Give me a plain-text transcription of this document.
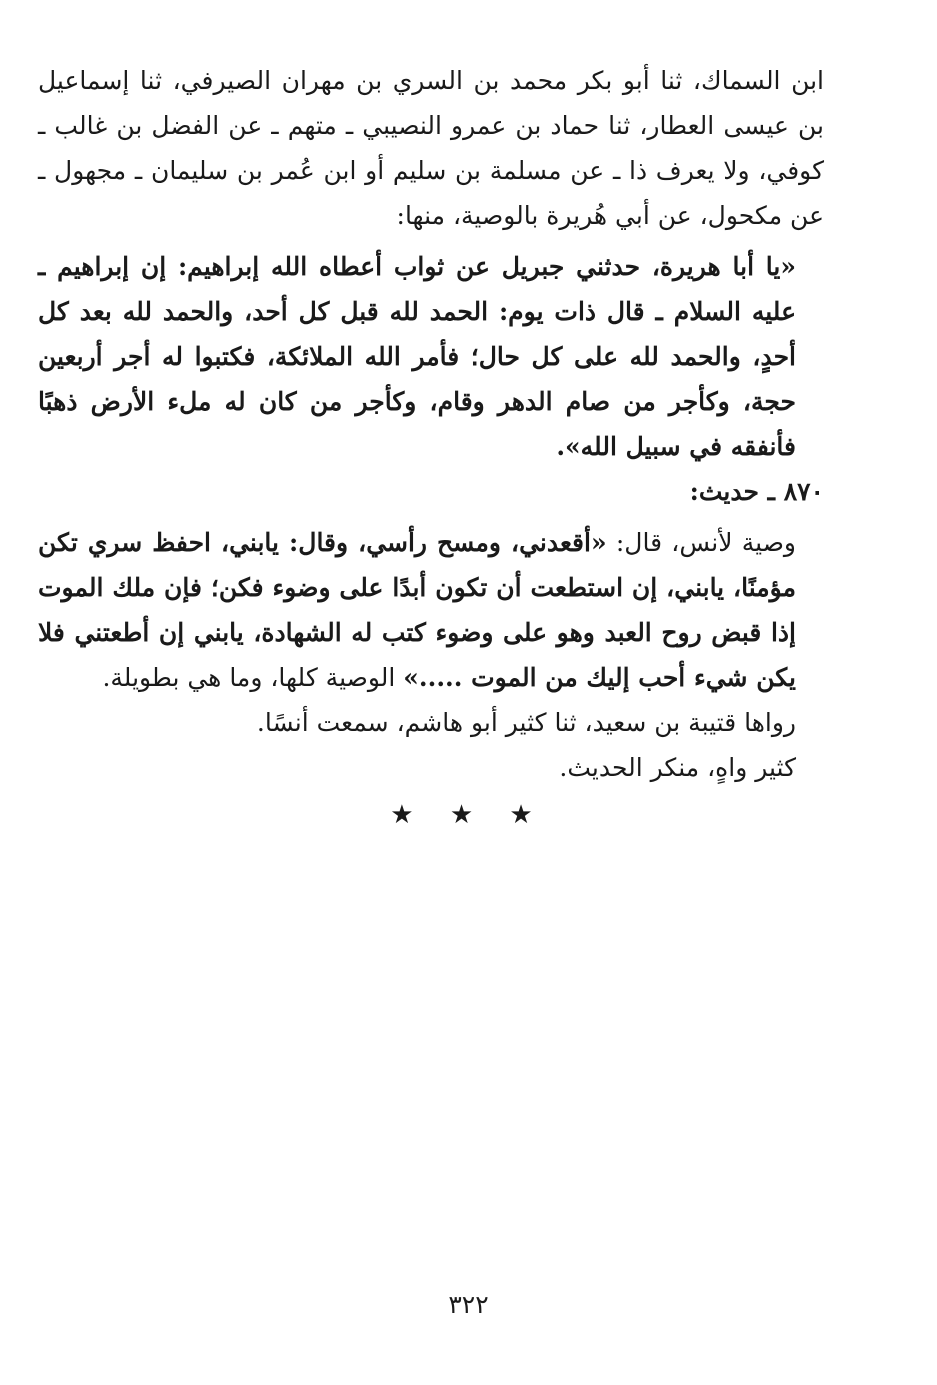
ابن السماك، ثنا أبو بكر محمد بن السري بن مهران الصيرفي، ثنا إسماعيل بن عيسى العطار، ثنا حماد بن عمرو النصيبي ـ متهم ـ عن الفضل بن غالب ـ كوفي، ولا يعرف ذا ـ عن مسلمة بن سليم أو ابن عُمر بن سليمان ـ مجهول ـ عن مكحول، عن أبي هُريرة بالوصية، منها:

«يا أبا هريرة، حدثني جبريل عن ثواب أعطاه الله إبراهيم: إن إبراهيم ـ عليه السلام ـ قال ذات يوم: الحمد لله قبل كل أحد، والحمد لله بعد كل أحدٍ، والحمد لله على كل حال؛ فأمر الله الملائكة، فكتبوا له أجر أربعين حجة، وكأجر من صام الدهر وقام، وكأجر من كان له ملء الأرض ذهبًا فأنفقه في سبيل الله».

٨٧٠ ـ حديث:

وصية لأنس، قال: «أقعدني، ومسح رأسي، وقال: يابني، احفظ سري تكن مؤمنًا، يابني، إن استطعت أن تكون أبدًا على وضوء فكن؛ فإن ملك الموت إذا قبض روح العبد وهو على وضوء كتب له الشهادة، يابني إن أطعتني فلا يكن شيء أحب إليك من الموت .....» الوصية كلها، وما هي بطويلة.

رواها قتيبة بن سعيد، ثنا كثير أبو هاشم، سمعت أنسًا.

كثير واهٍ، منكر الحديث.

★ ★ ★
٣٢٢
